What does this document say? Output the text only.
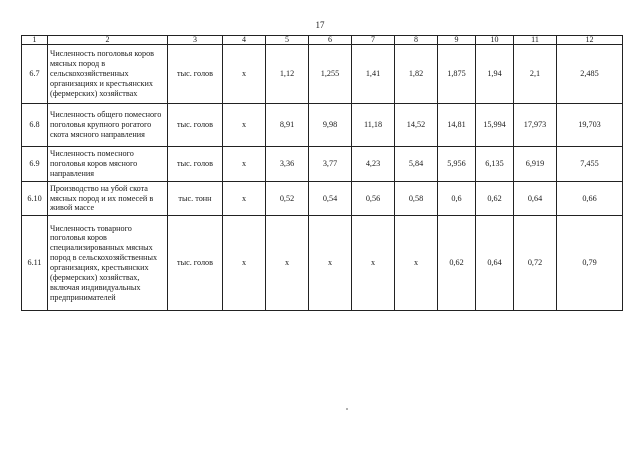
17
1	2	3	4	5	6	7	8	9	10	11	12
6.7	Численность поголовья коров мясных пород в сельскохозяйственных организациях и крестьянских (фермерских) хозяйствах	тыс. голов	x	1,12	1,255	1,41	1,82	1,875	1,94	2,1	2,485
6.8	Численность общего помесного поголовья крупного рогатого скота мясного направления	тыс. голов	x	8,91	9,98	11,18	14,52	14,81	15,994	17,973	19,703
6.9	Численность помесного поголовья коров мясного направления	тыс. голов	x	3,36	3,77	4,23	5,84	5,956	6,135	6,919	7,455
6.10	Производство на убой скота мясных пород и их помесей в живой массе	тыс. тонн	x	0,52	0,54	0,56	0,58	0,6	0,62	0,64	0,66
6.11	Численность товарного поголовья коров специализированных мясных пород в сельскохозяйственных организациях, крестьянских (фермерских) хозяйствах, включая индивидуальных предпринимателей	тыс. голов	x	x	x	x	x	0,62	0,64	0,72	0,79
